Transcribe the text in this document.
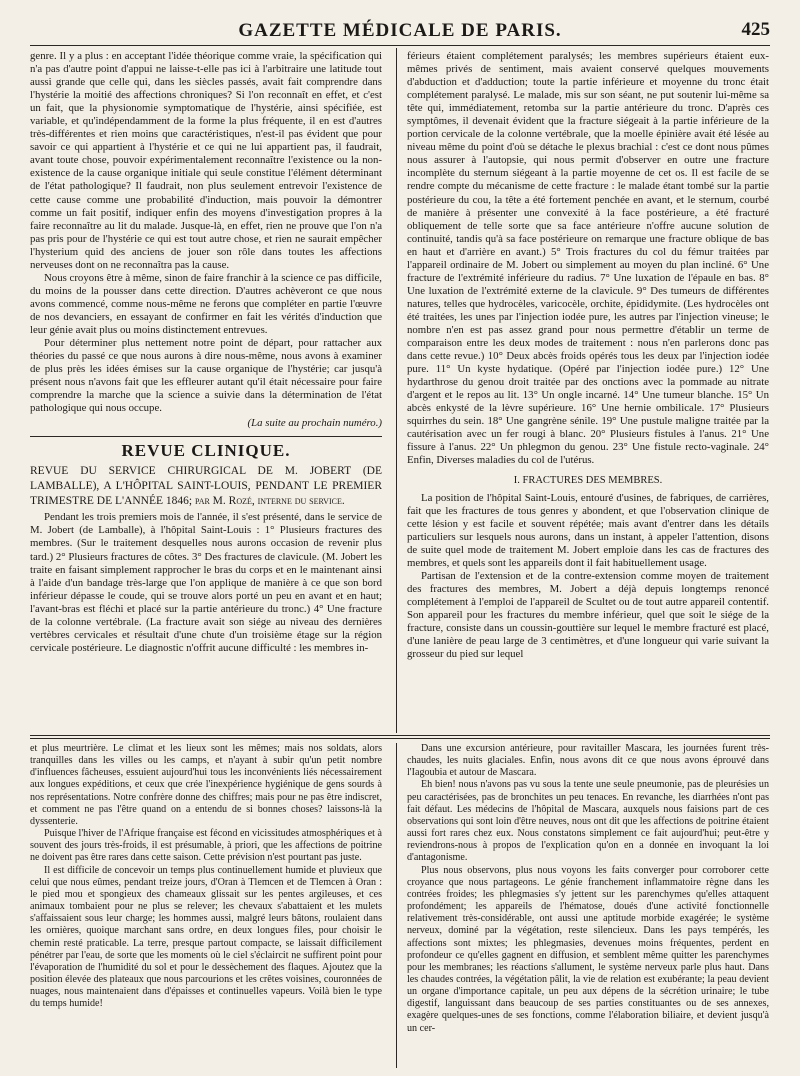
GAZETTE MÉDICALE DE PARIS.	425

genre. Il y a plus : en acceptant l'idée théorique comme vraie, la spécification qui n'a pas d'autre point d'appui ne laisse-t-elle pas ici à l'arbitraire une latitude tout aussi grande que celle qui, dans les siècles passés, avait fait comprendre dans l'hystérie la moitié des affections chroniques? Si l'on reconnaît en effet, et c'est un fait, que la physionomie symptomatique de l'hystérie, ainsi spécifiée, est variable, et qu'indépendamment de la forme la plus fréquente, il en est d'autres très-différentes et rien moins que caractéristiques, n'est-il pas évident que pour savoir ce qui appartient à l'hystérie et ce qui ne lui appartient pas, il faudrait, avant toute chose, pouvoir expérimentalement reconnaître l'existence ou la non-existence de la cause organique initiale qui seule constitue l'élément déterminant de l'état pathologique? Il faudrait, non plus seulement entrevoir l'existence de cette cause comme une probabilité d'induction, mais pouvoir la démontrer comme un fait positif, indiquer enfin des moyens d'investigation propres à la faire reconnaître au lit du malade. Jusque-là, en effet, rien ne prouve que l'on n'a pas pris pour de l'hystérie ce qui est tout autre chose, et rien ne saurait empêcher l'hysterium quid des anciens de jouer son rôle dans toutes les affections nerveuses dont on ne reconnaîtra pas la cause.

Nous croyons être à même, sinon de faire franchir à la science ce pas difficile, du moins de la pousser dans cette direction. D'autres achèveront ce que nous avons commencé, comme nous-même ne ferons que compléter en partie l'œuvre de nos devanciers, en essayant de confirmer en fait les vérités d'induction que leur génie avait plus ou moins distinctement entrevues.

Pour déterminer plus nettement notre point de départ, pour rattacher aux théories du passé ce que nous aurons à dire nous-même, nous avons à examiner de plus près les idées émises sur la cause organique de l'hystérie; car jusqu'à présent nous n'avons fait que les effleurer autant qu'il était nécessaire pour faire comprendre la marche que la science a suivie dans la détermination de l'état pathologique qui nous occupe.

(La suite au prochain numéro.)

REVUE CLINIQUE.
REVUE DU SERVICE CHIRURGICAL DE M. JOBERT (DE LAMBALLE), A L'HÔPITAL SAINT-LOUIS, PENDANT LE PREMIER TRIMESTRE DE L'ANNÉE 1846; par M. Rozé, interne du service.

Pendant les trois premiers mois de l'année, il s'est présenté, dans le service de M. Jobert (de Lamballe), à l'hôpital Saint-Louis : 1° Plusieurs fractures des membres. (Sur le traitement desquelles nous aurons occasion de revenir plus tard.) 2° Plusieurs fractures de côtes. 3° Des fractures de clavicule. (M. Jobert les traite en faisant simplement rapprocher le bras du corps et en le maintenant ainsi à l'aide d'un bandage très-large que l'on applique de manière à ce que son bord inférieur dépasse le coude, qui se trouve alors porté un peu en avant et en haut; l'avant-bras est fléchi et placé sur la partie antérieure du tronc.) 4° Une fracture de la colonne vertébrale. (La fracture avait son siége au niveau des dernières vertèbres cervicales et résultait d'une chute d'un troisième étage sur la région cervicale postérieure. Le diagnostic n'offrit aucune difficulté : les membres in-

férieurs étaient complétement paralysés; les membres supérieurs étaient eux-mêmes privés de sentiment, mais avaient conservé quelques mouvements d'abduction et d'adduction; toute la partie inférieure et moyenne du tronc était complétement paralysé. Le malade, mis sur son séant, ne put soutenir lui-même sa tête qui, immédiatement, retomba sur la partie antérieure du tronc. D'après ces symptômes, il devenait évident que la fracture siégeait à la partie inférieure de la portion cervicale de la colonne vertébrale, que la moelle épinière avait été lésée au niveau même du point d'où se détache le plexus brachial : c'est ce dont nous pûmes nous assurer à l'autopsie, qui nous permit d'observer en outre une fracture incomplète du sternum siégeant à la partie moyenne de cet os. Il est facile de se rendre compte du mécanisme de cette fracture : le malade étant tombé sur la partie postérieure du cou, la tête a été fortement penchée en avant, et le sternum, courbé de manière à présenter une convexité à la face postérieure, a été fracturé obliquement de telle sorte que sa face antérieure n'offre aucune solution de continuité, tandis qu'à sa face postérieure on remarque une fracture oblique de bas en haut et d'arrière en avant.) 5° Trois fractures du col du fémur traitées par l'appareil ordinaire de M. Jobert ou simplement au moyen du plan incliné. 6° Une fracture de l'extrémité inférieure du radius. 7° Une luxation de l'épaule en bas. 8° Une luxation de l'extrémité externe de la clavicule. 9° Des tumeurs de différentes natures, telles que hydrocèles, varicocèle, orchite, épididymite. (Les hydrocèles ont été traitées, les unes par l'injection iodée pure, les autres par l'injection vineuse; le nombre n'en est pas assez grand pour nous permettre d'établir un terme de comparaison entre les deux modes de traitement : nous n'en parlerons donc pas dans cette revue.) 10° Deux abcès froids opérés tous les deux par l'injection iodée pure. 11° Un kyste hydatique. (Opéré par l'injection iodée pure.) 12° Une hydarthrose du genou droit traitée par des onctions avec la pommade au nitrate d'argent et le repos au lit. 13° Un ongle incarné. 14° Une tumeur blanche. 15° Un abcès enkysté de la lèvre supérieure. 16° Une hernie ombilicale. 17° Plusieurs squirrhes du sein. 18° Une gangrène sénile. 19° Une pustule maligne traitée par la cautérisation avec un fer rougi à blanc. 20° Plusieurs fistules à l'anus. 21° Une fissure à l'anus. 22° Un phlegmon du genou. 23° Une fistule recto-vaginale. 24° Enfin, Diverses maladies du col de l'utérus.

I. FRACTURES DES MEMBRES.

La position de l'hôpital Saint-Louis, entouré d'usines, de fabriques, de carrières, fait que les fractures de tous genres y abondent, et que l'observation clinique de cette lésion y est facile et souvent répétée; mais avant d'entrer dans les détails particuliers sur lesquels nous aurons, dans un instant, à appeler l'attention, disons de suite quel mode de traitement M. Jobert emploie dans les cas de fractures des membres, et quels sont les appareils dont il fait habituellement usage.

Partisan de l'extension et de la contre-extension comme moyen de traitement des fractures des membres, M. Jobert a déjà depuis longtemps renoncé complétement à l'emploi de l'appareil de Scultet ou de tout autre appareil contentif. Son appareil pour les fractures du membre inférieur, quel que soit le siége de la fracture, consiste dans un coussin-gouttière sur lequel le membre fracturé est placé, d'une lanière de peau large de 3 centimètres, et d'une longueur qui varie suivant la grosseur du pied sur lequel

et plus meurtrière. Le climat et les lieux sont les mêmes; mais nos soldats, alors tranquilles dans les villes ou les camps, et n'ayant à subir qu'un petit nombre d'influences fâcheuses, essuient aujourd'hui tous les inconvénients liés nécessairement aux longues expéditions, et ceux que crée l'inexpérience hygiénique de gens sourds à nos représentations. Notre confrère donne des chiffres; mais pour ne pas être indiscret, et comment ne pas l'être quand on a entendu de si bonnes choses? laissons-là la dyssenterie.

Puisque l'hiver de l'Afrique française est fécond en vicissitudes atmosphériques et à souvent des jours très-froids, il est présumable, à priori, que les affections de poitrine ne doivent pas être rares dans cette saison. Cette prévision n'est pourtant pas juste.

Il est difficile de concevoir un temps plus continuellement humide et pluvieux que celui que nous eûmes, pendant treize jours, d'Oran à Tlemcen et de Tlemcen à Oran : le pied mou et spongieux des chameaux glissait sur les pentes argileuses, et ces animaux tombaient pour ne plus se relever; les chevaux s'abattaient et les mulets s'affaissaient sous leur charge; les hommes aussi, malgré leurs bâtons, roulaient dans les ornières, quoique marchant sans ordre, en deux longues files, pour choisir le chemin resté praticable. La terre, presque partout compacte, se laissait difficilement pénétrer par l'eau, de sorte que les moments où le ciel s'éclaircit ne suffirent point pour l'évaporation de l'humidité du sol et pour le dessèchement des flaques. Ajoutez que la position élevée des plateaux que nous parcourions et les crêtes voisines, couronnées de nuages, nous maintenaient dans d'épaisses et continuelles vapeurs. Voilà bien le type du temps humide!

Dans une excursion antérieure, pour ravitailler Mascara, les journées furent très-chaudes, les nuits glaciales. Enfin, nous avons dit ce que nous avons éprouvé dans l'Iagoubia et autour de Mascara.

Eh bien! nous n'avons pas vu sous la tente une seule pneumonie, pas de pleurésies un peu caractérisées, pas de bronchites un peu tenaces. En revanche, les diarrhées n'ont pas fait défaut. Les médecins de l'hôpital de Mascara, auxquels nous faisions part de ces observations qui sont loin d'être neuves, nous ont dit que les affections de poitrine étaient aussi fort rares chez eux. Nous constatons simplement ce fait aujourd'hui; peut-être y reviendrons-nous à propos de l'explication qu'on en a donnée en invoquant la loi d'antagonisme.

Plus nous observons, plus nous voyons les faits converger pour corroborer cette croyance que nous partageons. Le génie franchement inflammatoire règne dans les contrées froides; les phlegmasies s'y jettent sur les parenchymes qu'elles attaquent profondément; les appareils de l'hématose, doués d'une activité fonctionnelle relativement très-considérable, ont aussi une aptitude morbide exagérée; le système nerveux, dominé par la végétation, reste silencieux. Dans les pays tempérés, les affections sont mixtes; les phlegmasies, devenues moins fréquentes, perdent en profondeur ce qu'elles gagnent en diffusion, et semblent même quitter les parenchymes pour les membranes; les réactions s'allument, le système nerveux parle plus haut. Dans les chaudes contrées, la végétation pâlit, la vie de relation est exubérante; la peau devient un organe d'importance capitale, un peu aux dépens de la sécrétion urinaire; le tube digestif, languissant dans beaucoup de ses parties constituantes ou de ses annexes, exagère quelques-unes de ses fonctions, comme l'élaboration biliaire, et devient jusqu'à un cer-
